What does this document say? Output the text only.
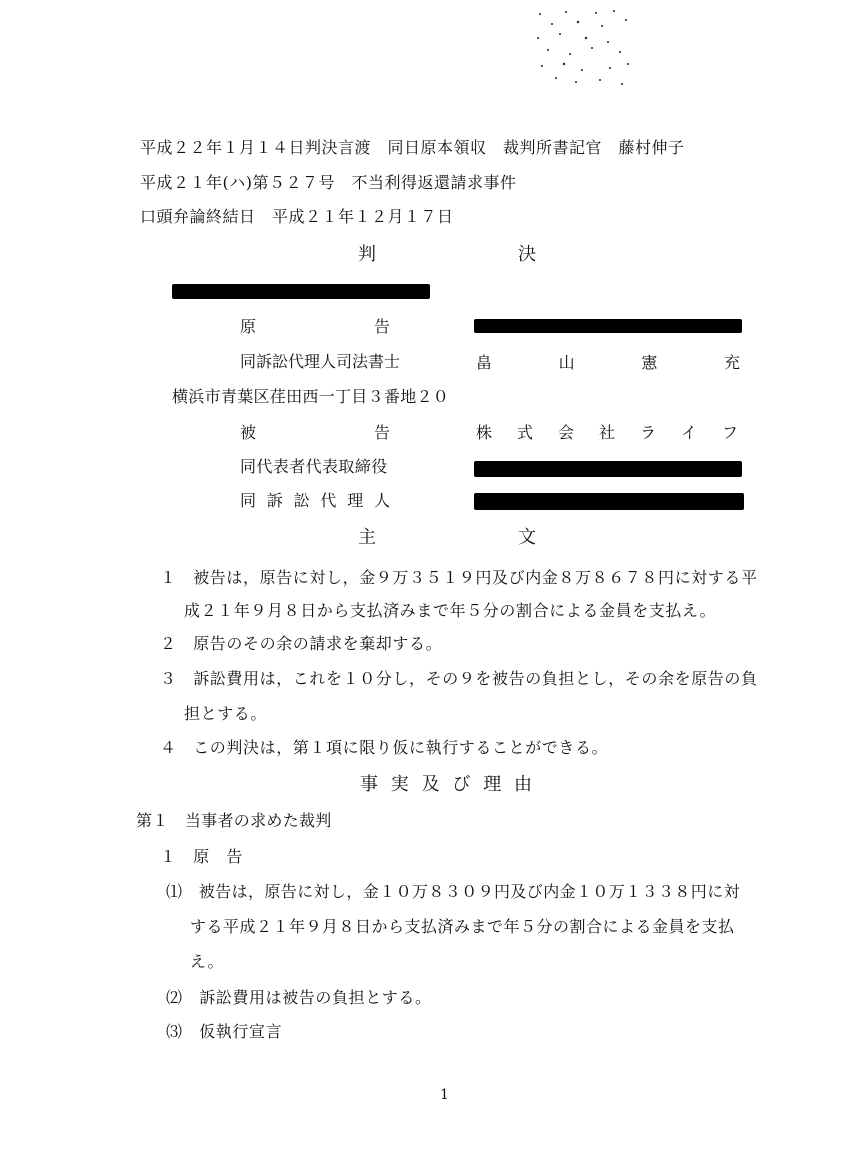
平成２２年１月１４日判決言渡　同日原本領収　裁判所書記官　藤村伸子
平成２１年(ハ)第５２７号　不当利得返還請求事件
口頭弁論終結日　平成２１年１２月１７日
判	決
原	告
同訴訟代理人司法書士	畠	山	憲	充
横浜市青葉区荏田西一丁目３番地２０
被	告	株 式 会 社 ラ イ フ
同代表者代表取締役
同 訴 訟 代 理 人
主	文
１　被告は，原告に対し，金９万３５１９円及び内金８万８６７８円に対する平
成２１年９月８日から支払済みまで年５分の割合による金員を支払え。
２　原告のその余の請求を棄却する。
３　訴訟費用は，これを１０分し，その９を被告の負担とし，その余を原告の負
担とする。
４　この判決は，第１項に限り仮に執行することができる。
事 実 及 び 理 由
第１　当事者の求めた裁判
１　原　告
⑴　被告は，原告に対し，金１０万８３０９円及び内金１０万１３３８円に対
する平成２１年９月８日から支払済みまで年５分の割合による金員を支払
え。
⑵　訴訟費用は被告の負担とする。
⑶　仮執行宣言
1
